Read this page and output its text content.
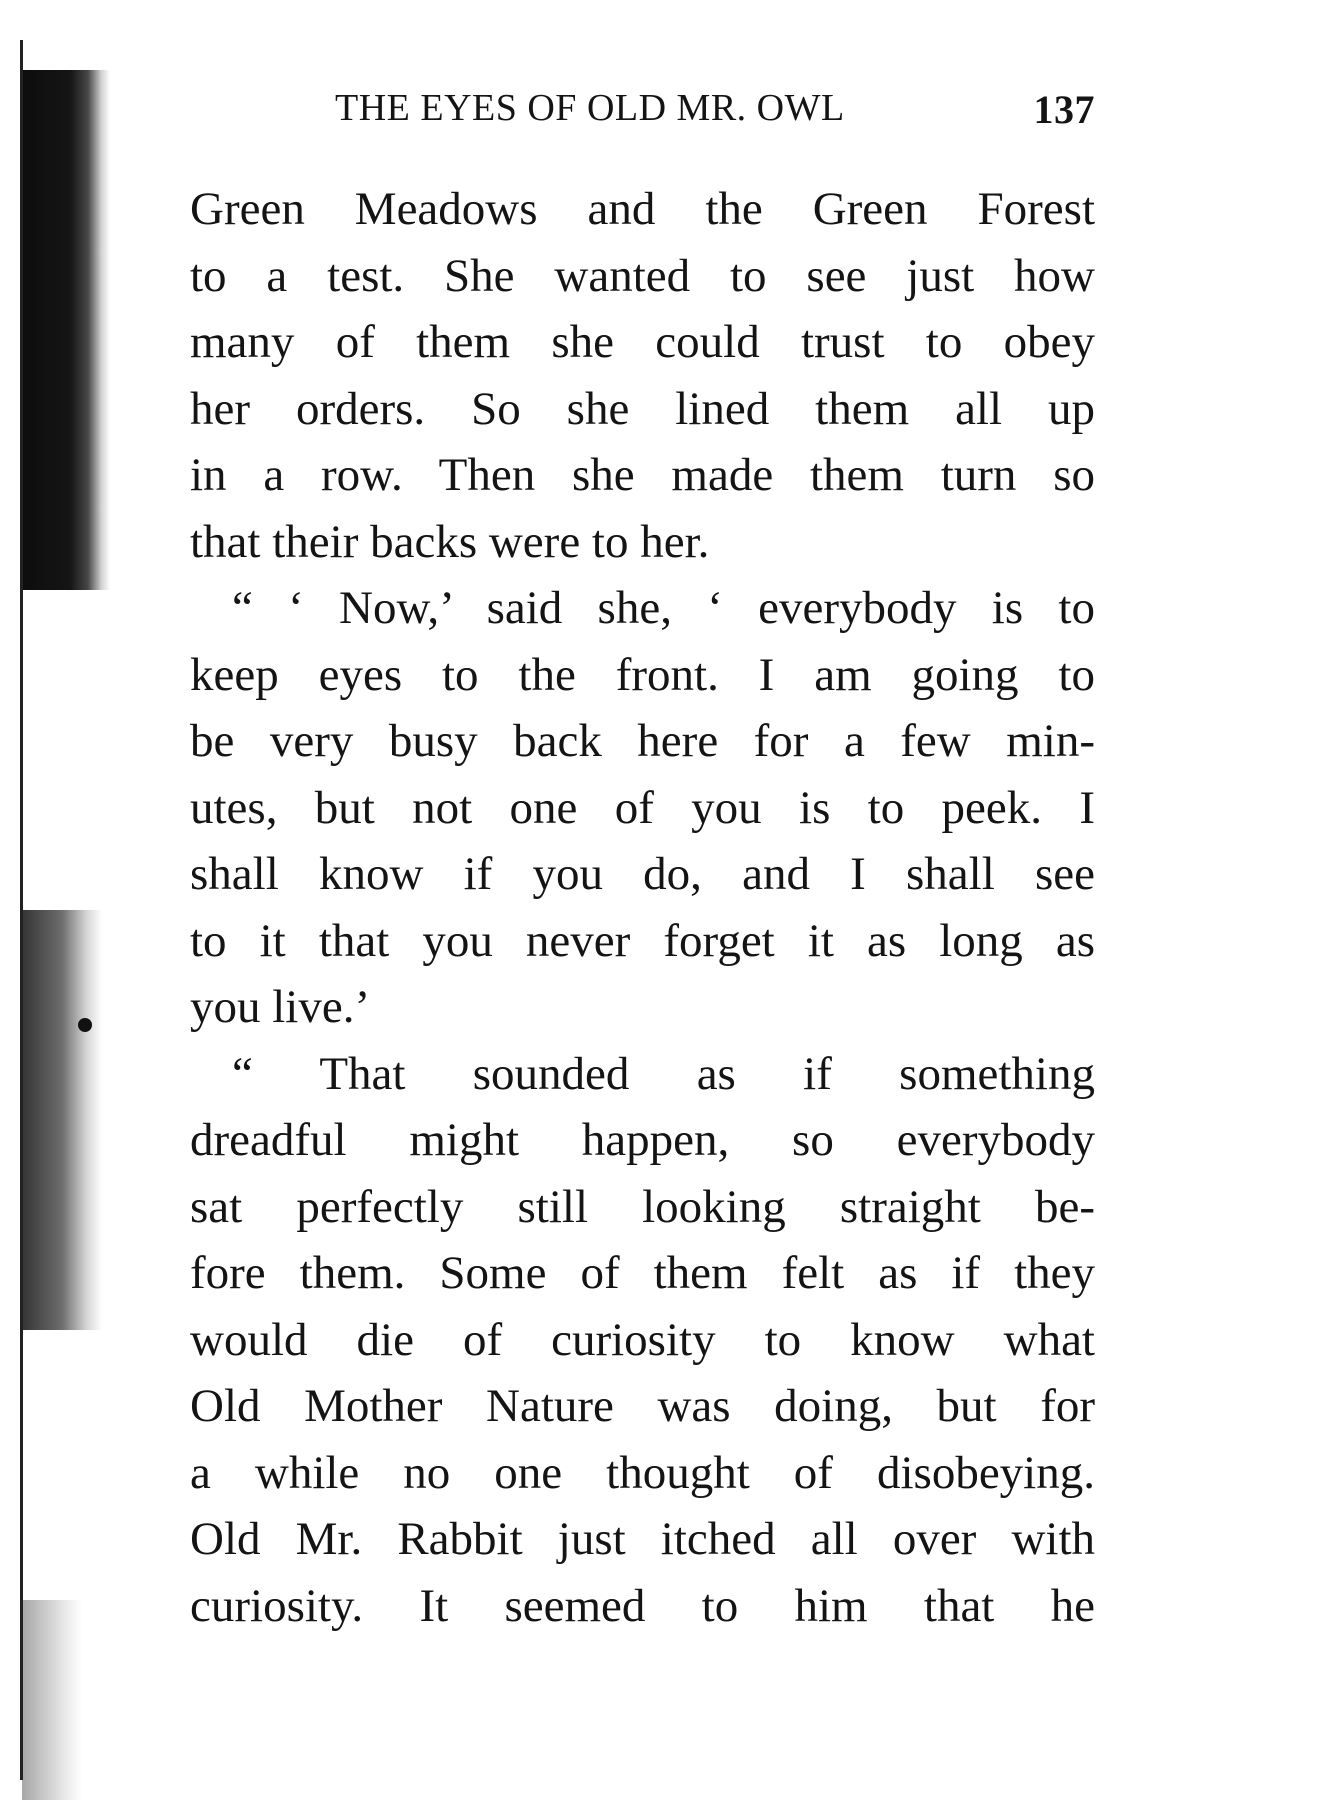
THE EYES OF OLD MR. OWL	137
Green Meadows and the Green Forest
to a test. She wanted to see just how
many of them she could trust to obey
her orders. So she lined them all up
in a row. Then she made them turn so
that their backs were to her.
“ ‘ Now,’ said she, ‘ everybody is to
keep eyes to the front. I am going to
be very busy back here for a few min-
utes, but not one of you is to peek. I
shall know if you do, and I shall see
to it that you never forget it as long as
you live.’
“ That sounded as if something
dreadful might happen, so everybody
sat perfectly still looking straight be-
fore them. Some of them felt as if they
would die of curiosity to know what
Old Mother Nature was doing, but for
a while no one thought of disobeying.
Old Mr. Rabbit just itched all over with
curiosity. It seemed to him that he
